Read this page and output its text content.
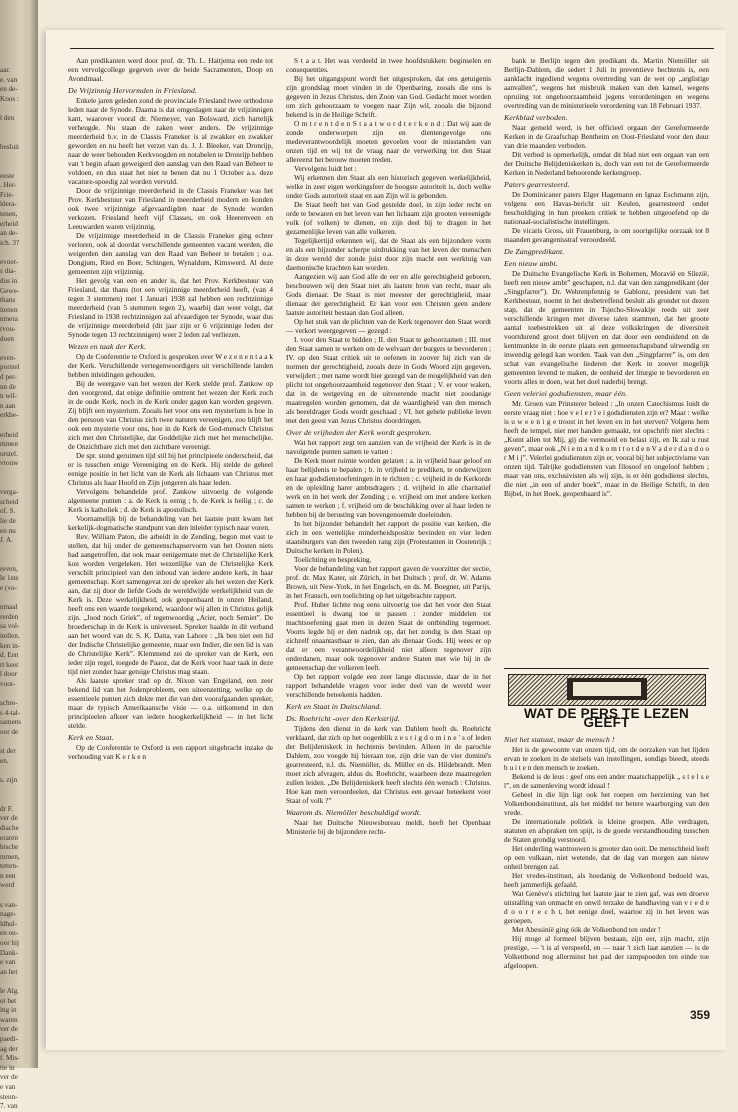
aar.
e. van
en de-
Koos :

l den

besluit

eeste
. Her-
Frie-
ldera-
tenen,
erheid
an de-
ich. 3?

evoer-
s dia-
dus in
Gewe-
thans
itenen
nmera
rvou-
doen

even-
porstel
d per-
nn de
n wil-
n aan
erkbe-

erheid
mmen
orstel.
vrouw

verga-
scheid
of. S.
lie de
en nu
J. A.

reven,
le 1ste
e (vo-

nmaal
rerden
sa vol-
itellen.
ken in-
d. Een
rt keer
l door
voor-

schre-
s 4-tal-
samens
oor de

st der
en.

s. zijn

dr F.
ver de
diache
eraren
hische
mmen,
tetten-
n een
werd

s van-
nage-
ldhul-
en ou-
oor hij
Dank-
e van
an het

le Alg.
ot het
ing in
waren
ver de
paedi-
ag der
f. Mis-
tie in
ver de
e van
steun-
7. van

Aan predikanten werd door prof. dr. Th. L. Haitjema een rede tot een vervolgcollege gegeven over de beide Sacramenten, Doop en Avondmaal.

De Vrijzinnig Hervormden in Friesland.

Enkele jaren geleden zond de provinciale Friesland twee orthodoxe leden naar de Synode. Daarna is dat omgeslagen naar de vrijzinnigen kant, waarover vooral dr. Niemeyer, van Bolsward, zich hartelijk verheugde. Nu staan de zaken weer anders. De vrijzinnige meerderheid b.v. in de Classis Franeker is al zwakker en zwakker geworden en nu heeft het verzet van ds. J. J. Bleeker, van Dronrijp, naar de weer behouden Kerkvoogden en notabelen te Dronrijp hebben van 't begin afaan geweigerd den aanslag van den Raad van Beheer te voldoen, en dus staat het niet te benen dat nu 1 October a.s. deze vacature-spoedig zal worden vervuld.

Door de vrijzinnige meerderheid in de Classis Franeker was het Prov. Kerkbestuur van Friesland in meerderheid modern en konden ook twee vrijzinnige afgevaardigden naar de Synode worden verkozen. Friesland heeft vijf Classes, en ook Heerenveen en Leeuwarden waren vrijzinnig.

De vrijzinnige meerderheid in de Classis Franeker ging echter verloren, ook al doordat verschillende gemeenten vacant werden, die weigerden den aanslag van den Raad van Beheer te betalen ; o.a. Dongjum, Ried en Boer, Schingen, Wynaldum, Kimswerd. Al deze gemeenten zijn vrijzinnig.

Het gevolg van een en ander is, dat het Prov. Kerkbestuur van Friesland, dat thans (tot een vrijzinnige meerderheid heeft, (van 4 tegen 3 stemmen) met 1 Januari 1938 zal hebben een rechtzinnige meerderheid (van 5 stemmen tegen 2), waarbij dan weer volgt, dat Friesland in 1938 rechtzinnigen zal afvaardigen ter Synode, waar dus de vrijzinnige meerderheid (dit jaar zijn er 6 vrijzinnige leden der Synode tegen 13 rechtzinnigen) weer 2 leden zal verliezen.

Wezen en taak der Kerk.

Op de Conferentie te Oxford is gesproken over W e z e n e n t a a k der Kerk. Verschillende vertegenwoordigers uit verschillende landen hebben inleidingen gehouden.

Bij de weergave van het wezen der Kerk stelde prof. Zankow op den voorgrond, dat enige definitie omtrent het wezen der Kerk zoch in de oude Kerk, noch in de Kerk onder gagen kan worden gegeven. Zij blijft een mysterium. Zooals het voor ons een mysterium is hoe in den persoon van Christus zich twee naturen vereenigen, zoo blijft het ook een mysterie voor ons, hoe in de Kerk de God-mensch Christus zich met den Christelijke, dat Goddelijke zich met het menschelijke, de Onzichtbare zich met den zichtbare vereenigt.

De spr. stond geruimen tijd stil bij het principieele onderscheid, dat er is tusschen enige Vereeniging en de Kerk. Hij stelde de geheel eenige positie in het licht van de Kerk als lichaam van Christus met Christus als haar Hoofd en Zijn jongeren als haar leden.

Vervolgens behandelde prof. Zankow uitvoerig de volgende algemeene punten : a. de Kerk is eenig ; b. de Kerk is heilig ; c. de Kerk is katholiek ; d. de Kerk is apostolisch.

Voornamelijk bij de behandeling van het laatste punt kwam het kerkelijk-dogmatische standpunt van den inleider typisch naar voren.

Rev. William Paton, die arbeidt in de Zending, begon met vast te stellen, dat hij onder de gemeenschapservorm van het Oosten niets had aangetroffen, dat ook maar eenigermate met de Christelijke Kerk kon worden vergeleken. Het wezenlijke van de Christelijke Kerk verschilt principieel van den inhoud van iedere andere kerk, in haar gemeenschap. Kort samengevat zei de spreker als het wezen der Kerk aan, dat zij door de liefde Gods de wereldwijde werkelijkheid van de Kerk is. Deze werkelijkheid, ook geopenbaard in onzen Heiland, heeft ons een waarde toegekend, waardoor wij allen in Christus gelijk zijn. „Jood noch Griek”, of tegenwoordig „Arier, noch Semiet”. De broederschap in de Kerk is universeel. Spreker haalde in dit verband aan het woord van dr. S. K. Datta, van Lahore : „Ik ben niet een lid der Indische Christelijke gemeente, maar een Indier, die een lid is van de Christelijke Kerk”. Klemmend zei de spreker van de Kerk, een ieder zijn regel, toegede de Paaoz, dat de Kerk voor haar taak in deze tijd niet zonder haar getuige Christus mag staan.

Als laatste spreker trad op dr. Nixon van Engeland, een zeer bekend lid van het Jodenprobleem, een uiteenzetting, welke op de essentieele punten zich dekte met die van den voorafgaanden spreker, maar de typisch Amerikaansche visie — o.a. uitkomend in den principieelen afkeer van iedere hoogkerkelijkheid — in het licht stelde.

Kerk en Staat.

Op de Conferentie te Oxford is een rapport uitgebracht inzake de verhouding van K e r k e n

S t a a t. Het was verdeeld in twee hoofdstukken: beginselen en consequenties.

Bij het uitgangspunt wordt het uitgesproken, dat ons getuigenis zijn grondslag moet vinden in de Openbaring, zooals die ons is gegeven in Jezus Christus, den Zoon van God. Gedacht moet worden om zich gehoorzaam te voegen naar Zijn wil, zooals die bijzond bekend is in de Heilige Schrift.

O m t r e n t d e n S t a a t w o r d t e r k e n d : Dat wij aan de zonde onderworpen zijn en dientengevolge ons medeverantwoordelijk moeten gevoelen voor de misstanden van onzen tijd en wij tot de vraag naar de verwerking tot den Staat allereerst het berouw moeten treden.

Vervolgens luidt het :

Wij erkennen den Staat als een historisch gegeven werkelijkheid, welke in zeer eigen werkingsfeer de hoogste autoriteit is, doch welke onder Gods autoriteit staat en aan Zijn wil is gebonden.

De Staat heeft het van God gestelde doel, in zijn ieder recht en orde te bewaren en het leven van het lichaam zijn grooten vereenigde volk (of volken) te dienen, en zijn deel bij te dragen in het gezamenlijke leven van alle volkeren.

Tegelijkertijd erkennen wij, dat de Staat als een bijzondere vorm en als een bijzonder scherpe uitdrukking van het leven der menschen in deze wereld der zonde juist door zijn macht een werktuig van daemonische krachten kan worden.

Aangezien wij aan God alle de eer en alle gerechtigheid geboren, beschouwen wij den Staat niet als laatste bron van recht, maar als Gods dienaar. De Staat is niet meester der gerechtigheid, maar dienaar der gerechtigheid. Er kan voor een Christen geen andere laatste autoriteit bestaan dan God alleen.

Op het stuk van de plichten van de Kerk tegenover den Staat wordt — verkort weergegeven — gezegd :

I. voor den Staat te bidden ; II. den Staat te gehoorzamen ; III. met den Staat samen te werken om de welvaart der burgers te bevorderen ; IV. op den Staat critiek uit te oefenen in zoover hij zich van de normen der gerechtigheid, zooals deze in Gods Woord zijn gegeven, verwijdert ; met name wordt hier gezegd van de mogelijkheid van den plicht tot ongehoorzaamheid tegenover den Staat ; V. er voor waken, dat in de wetgeving en de uitvoerende macht niet zoodanige maatregelen worden genomen, dat de waardigheid van den mensch als beeeldrager Gods wordt geschaad ; VI. het gehele publieke leven met den geest van Jezus Christus doordringen.

Over de vrijheden der Kerk wordt gesproken.

Wat het rapport zegt ten aanzien van de vrijheid der Kerk is in de navolgende punten samen te vatten :

De Kerk moet ruimte worden gelaten : a. in vrijheid haar geloof en haar belijdenis te bepalen ; b. in vrijheid te prediken, te onderwijzen en haar godsdienstoefeningen in te richten ; c. vrijheid in de Kerkorde en de opleiding harer ambtsdragers ; d. vrijheid in alle charitatief werk en in het werk der Zending ; e. vrijheid om met andere kerken samen te werken ; f. vrijheid om de beschikking over al haar leden te hebben bij de berusting van bovengenoemde doeleinden.

In het bijzonder behandelt het rapport de positie van kerken, die zich in een wettelijke minderheidspositie bevinden en vier leden staatsburgers van den tweeden rang zijn (Protestanten in Oostenrijk ; Duitsche kerken in Polen).

Toelichting en bespreking.

Voor de behandeling van het rapport gaven de voorzitter der sectie, prof. dr. Max Kater, uit Zürich, in het Duitsch ; prof. dr. W. Adams Brown, uit New-York, in het Engelsch, en ds. M. Boegner, uit Parijs, in het Fransch, een toelichting op het uitgebrachte rapport.

Prof. Huber lichtte nog eens uitvoerig toe dat het voor den Staat essentieel is dwang toe te passen : zonder middelen tot machtsoefening gaat men in dezen Staat de ontbinding tegemoet. Voorts legde hij er den nadruk op, dat het zondig is den Staat op zichzelf onaantastbaar te zien, dan als dienaar Gods. Hij wees er op dat er een verantwoordelijkheid niet alleen tegenover zijn onderdanen, maar ook tegenover andere Staten met wie hij in de gemeenschap der volkeren leeft.

Op het rapport volgde een zeer lange discussie, daar de in het rapport behandelde vragen voor ieder deel van de wereld weer verschillende beteekenis hadden.

Kerk en Staat in Duitschland.
Ds. Roehricht -over den Kerkstrijd.

Tijdens den dienst in de kerk van Dahlem heeft ds. Roehricht verklaard, dat zich op het oogenblik z e s t i g d o m i n e ' s of leden der Belijdeniskerk in hechtenis bevinden. Alleen in de parochie Dahlem, zoo voegde hij hieraan toe, zijn drie van de vier dominé's gearresteerd, n.l. ds. Niemöller, ds. Müller en ds. Hildebrandt. Men moet zich afvragen, aldus ds. Roehricht, waarheen deze maatregelen zullen leiden. „De Belijdeniskerk heeft slechts één wensch : Christus. Hoe kan men veroordeelen, dat Christus een gevaar beteekent voor Staat of volk ?”

Waarom ds. Niemöller beschuldigd wordt.

Naar het Duitsche Nieuwsbureau meldt, heeft het Openbaar Ministerie bij de bijzondere recht-

bank te Berlijn tegen den predikant ds. Martin Niemöller uit Berlijn-Dahlem, die sedert 1 Juli in preventieve hechtenis is, een aanklacht ingediend wegens overtreding van de wet op „arglistige aanvallen”, wegens het misbruik maken van den kansel, wegens opruiing tot ongehoorzaamheid jegens verordeningen en wegens overtreding van de ministerieele verordening van 18 Februari 1937.

Kerkblad verboden.

Naar gemeld werd, is het officieel orgaan der Gereformeerde Kerken in de Graafschap Bentheim en Oost-Friesland voor den duur van drie maanden verboden.

Dit verbod is opmerkelijk, omdat dit blad niet een orgaan van een der Duitsche Belijdeniskerken is, doch van een tot de Gereformeerde Kerken in Nederland behoorende kerkengroep.

Paters gearresteerd.

De Dominicaner paters Elger Hagemann en Ignaz Eschmann zijn, volgens een Havas-bericht uit Keulen, gearresteerd onder beschuldiging in hun preeken critiek te hebben uitgeoefend op de nationaal-socialistische instellingen.

De vicaris Gross, uit Frauenburg, is om soortgelijke oorzaak tot 8 maanden gevangenisstraf veroordeeld.

De Zangpredikant.
Een nieuw ambt.

De Duitsche Evangelische Kerk in Bohemen, Moravië en Silezië, heeft een nieuw ambt” geschapen, n.l. dat van den zangpredikant (der „Singpfarrer”). Dr. Wehrenpfennig te Gablonz, president van het Kerkbestuur, noemt in het desbetreffend besluit als grondet tot dezen stap, dat de gemeenten in Tsjecho-Slowakije reeds uit zeer verschillende kringen met diverse talen stammen, dat het groote aantal toebestrekken uit al deze volkskringen de diversiteit voortdurend groot doet blijven en dat door een eenduidend en de kentmunkte in de eerste plaats een gemeenschapsband uitwendig en inwendig gelegd kan worden. Taak van den „Singpfarrer” is, om den schat van evangelische liederen der Kerk in zoover mogelijk gemeenten levend te maken, de eenheid der liturgie te bevorderen en voorts alles te doen, wat het doel naderbij brengt.

Geen veleriei godsdiensten, maar één.

Mr. Groen van Prinsterer beleed : „In onzen Catechismus luidt de eerste vraag niet : hoe v e l e r l e i godsdiensten zijn er? Maar : welke is u w e e n i g e troost in het leven en in het sterven? Volgens hem heeft de tempel, niet met handen gemaakt, tot opschrift niet slechts : „Komt allen tot Mij, gij die vermoeid en belast zijt, en Ik zal u rust geven”, maar ook „N i e m a n d k o m t t o t d e n V a d e r d a n d o o r M i j”. Velerlei godsdiensten zijn er, vooral bij het subjectivisme van onzen tijd. Talrijke godsdiensten van filosoof en ongeloof hebben ; maar van ons, exclusivisten als wij zijn, is er één godsdienst slechts, die niet „in een of ander boek”, maar in de Heilige Schrift, in den Bijbel, in het Boek, geopenbaard is”.

WAT DE PERS TE LEZEN GEEFT
Niet het statuut, maar de mensch !

Het is de gewoonte van onzen tijd, om de oorzaken van het lijden ervan te zoeken in de stelsels van instellingen, sondigs bieedt, steeds b u i t e n den mensch te zoeken.

Bekend is de leus : geef ons een ander maatschappelijk „ s t e l s e l”, en de samenleving wordt ideaal !

Geheel in die lijn ligt ook het roepen om herziening van het Volkenbondsinstituut, als het middel ter betere waarborging van den vrede.

De internationale politiek is kleine groepen. Alle verdragen, statuten en afspraken ten spijt, is de goede verstandhouding tusschen de Staten grondig verstoord.

Het onderling wantrouwen is grooter dan ooit. De menschheid leeft op een vulkaan, niet wetende, dat de dag van morgen aan nieuw onheil brengen zal.

Het vredes-instituut, als hoedanig de Volkenbond bedoeld was, heeft jammerlijk gefaald.

Wat Genève's stichting het laatste jaar te zien gaf, was een droeve uitstalling van onmacht en onwil terzake de handhaving van v r e d e d o o r r e c h t, het eenige doel, waartoe zij in het leven was geroepen.

Met Abessinië ging óók de Volkenbond ten onder !

Hij moge al formeel blijven bestaan, zijn eer, zijn macht, zijn prestige, — 't is al verspeeld, en — naar 't zich laat aanzien — is de Volkenbond nog allerminst het pad der rampspoeden ten einde toe afgeloopen.

359
